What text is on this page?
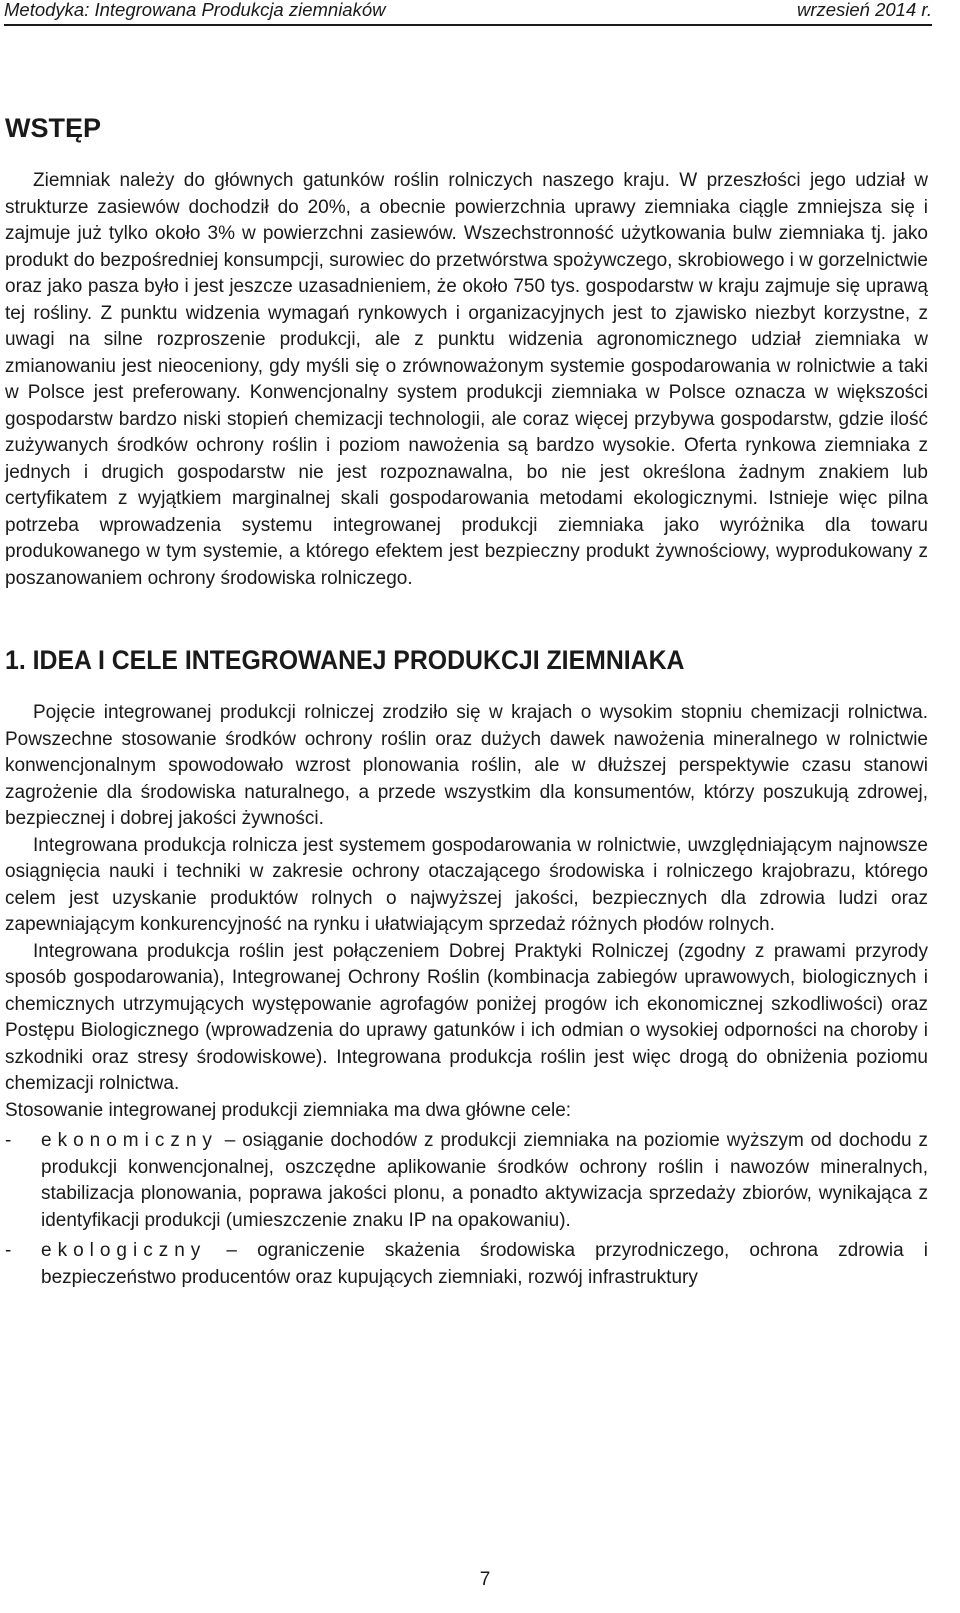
Metodyka: Integrowana Produkcja ziemniaków	wrzesień 2014 r.
WSTĘP

Ziemniak należy do głównych gatunków roślin rolniczych naszego kraju. W przeszłości jego udział w strukturze zasiewów dochodził do 20%, a obecnie powierzchnia uprawy ziemniaka ciągle zmniejsza się i zajmuje już tylko około 3% w powierzchni zasiewów. Wszechstronność użytkowania bulw ziemniaka tj. jako produkt do bezpośredniej konsumpcji, surowiec do przetwórstwa spożywczego, skrobiowego i w gorzelnictwie oraz jako pasza było i jest jeszcze uzasadnieniem, że około 750 tys. gospodarstw w kraju zajmuje się uprawą tej rośliny. Z punktu widzenia wymagań rynkowych i organizacyjnych jest to zjawisko niezbyt korzystne, z uwagi na silne rozproszenie produkcji, ale z punktu widzenia agronomicznego udział ziemniaka w zmianowaniu jest nieoceniony, gdy myśli się o zrównoważonym systemie gospodarowania w rolnictwie a taki w Polsce jest preferowany. Konwencjonalny system produkcji ziemniaka w Polsce oznacza w większości gospodarstw bardzo niski stopień chemizacji technologii, ale coraz więcej przybywa gospodarstw, gdzie ilość zużywanych środków ochrony roślin i poziom nawożenia są bardzo wysokie. Oferta rynkowa ziemniaka z jednych i drugich gospodarstw nie jest rozpoznawalna, bo nie jest określona żadnym znakiem lub certyfikatem z wyjątkiem marginalnej skali gospodarowania metodami ekologicznymi. Istnieje więc pilna potrzeba wprowadzenia systemu integrowanej produkcji ziemniaka jako wyróżnika dla towaru produkowanego w tym systemie, a którego efektem jest bezpieczny produkt żywnościowy, wyprodukowany z poszanowaniem ochrony środowiska rolniczego.

1. IDEA I CELE INTEGROWANEJ PRODUKCJI ZIEMNIAKA

Pojęcie integrowanej produkcji rolniczej zrodziło się w krajach o wysokim stopniu chemizacji rolnictwa. Powszechne stosowanie środków ochrony roślin oraz dużych dawek nawożenia mineralnego w rolnictwie konwencjonalnym spowodowało wzrost plonowania roślin, ale w dłuższej perspektywie czasu stanowi zagrożenie dla środowiska naturalnego, a przede wszystkim dla konsumentów, którzy poszukują zdrowej, bezpiecznej i dobrej jakości żywności.

Integrowana produkcja rolnicza jest systemem gospodarowania w rolnictwie, uwzględniającym najnowsze osiągnięcia nauki i techniki w zakresie ochrony otaczającego środowiska i rolniczego krajobrazu, którego celem jest uzyskanie produktów rolnych o najwyższej jakości, bezpiecznych dla zdrowia ludzi oraz zapewniającym konkurencyjność na rynku i ułatwiającym sprzedaż różnych płodów rolnych.

Integrowana produkcja roślin jest połączeniem Dobrej Praktyki Rolniczej (zgodny z prawami przyrody sposób gospodarowania), Integrowanej Ochrony Roślin (kombinacja zabiegów uprawowych, biologicznych i chemicznych utrzymujących występowanie agrofagów poniżej progów ich ekonomicznej szkodliwości) oraz Postępu Biologicznego (wprowadzenia do uprawy gatunków i ich odmian o wysokiej odporności na choroby i szkodniki oraz stresy środowiskowe). Integrowana produkcja roślin jest więc drogą do obniżenia poziomu chemizacji rolnictwa.

Stosowanie integrowanej produkcji ziemniaka ma dwa główne cele:

- ekonomiczny – osiąganie dochodów z produkcji ziemniaka na poziomie wyższym od dochodu z produkcji konwencjonalnej, oszczędne aplikowanie środków ochrony roślin i nawozów mineralnych, stabilizacja plonowania, poprawa jakości plonu, a ponadto aktywizacja sprzedaży zbiorów, wynikająca z identyfikacji produkcji (umieszczenie znaku IP na opakowaniu).

- ekologiczny – ograniczenie skażenia środowiska przyrodniczego, ochrona zdrowia i bezpieczeństwo producentów oraz kupujących ziemniaki, rozwój infrastruktury

7
